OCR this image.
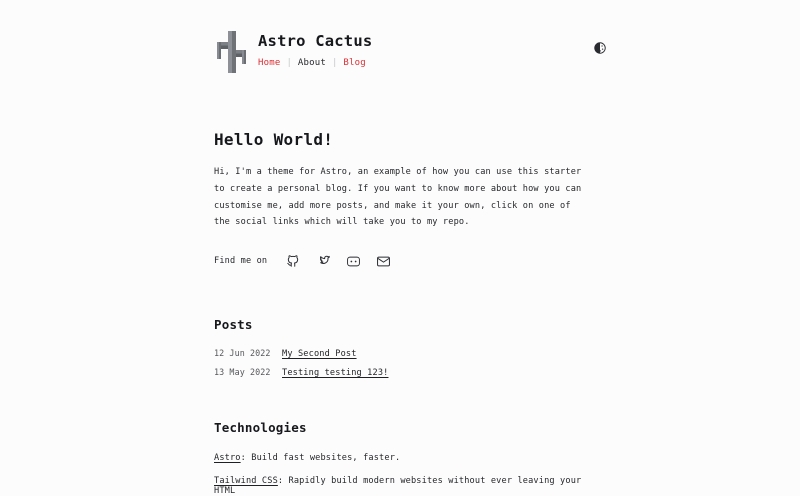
Astro Cactus
Home | About | Blog
Hello World!

Hi, I'm a theme for Astro, an example of how you can use this starter to create a personal blog. If you want to know more about how you can customise me, add more posts, and make it your own, click on one of the social links which will take you to my repo.

Find me on
Posts
12 Jun 2022	My Second Post
13 May 2022	Testing testing 123!
Technologies
Astro: Build fast websites, faster.
Tailwind CSS: Rapidly build modern websites without ever leaving your HTML
